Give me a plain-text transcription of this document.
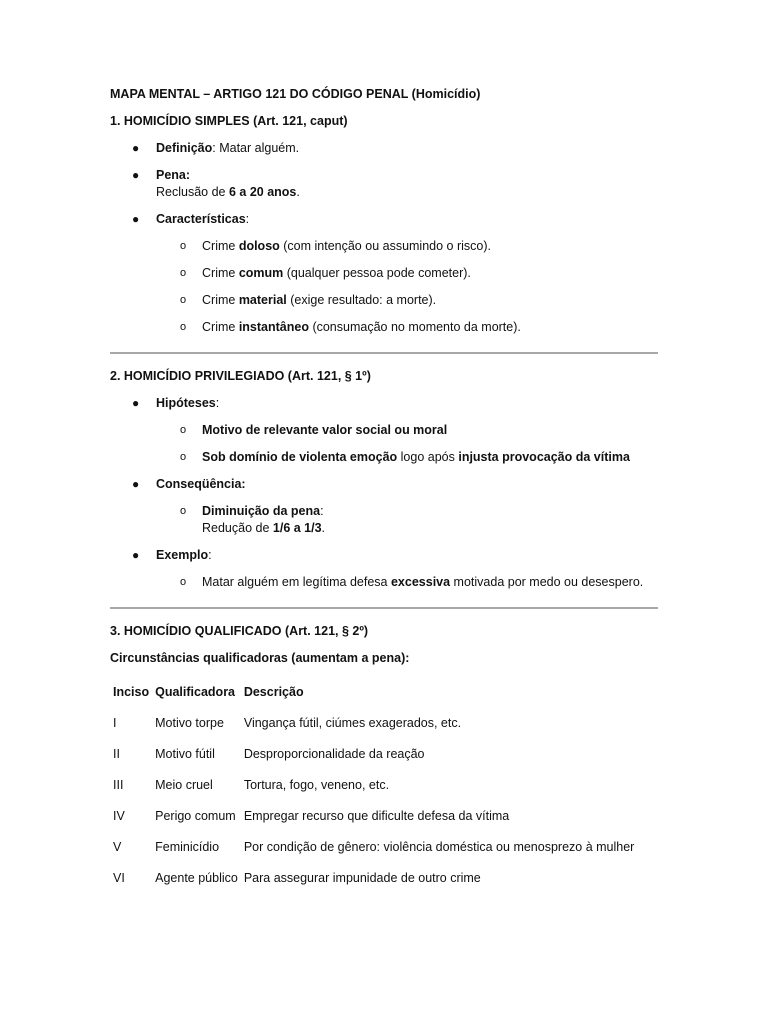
MAPA MENTAL – ARTIGO 121 DO CÓDIGO PENAL (Homicídio)

1. HOMICÍDIO SIMPLES (Art. 121, caput)

● Definição: Matar alguém.

● Pena:

Reclusão de 6 a 20 anos.

● Características:

o Crime doloso (com intenção ou assumindo o risco).

o Crime comum (qualquer pessoa pode cometer).

o Crime material (exige resultado: a morte).

o Crime instantâneo (consumação no momento da morte).

2. HOMICÍDIO PRIVILEGIADO (Art. 121, § 1º)

● Hipóteses:

o Motivo de relevante valor social ou moral

o Sob domínio de violenta emoção logo após injusta provocação da vítima

● Conseqüência:

o Diminuição da pena:

Redução de 1/6 a 1/3.

● Exemplo:

o Matar alguém em legítima defesa excessiva motivada por medo ou desespero.

3. HOMICÍDIO QUALIFICADO (Art. 121, § 2º)

Circunstâncias qualificadoras (aumentam a pena):

Inciso	Qualificadora	Descrição
I	Motivo torpe	Vingança fútil, ciúmes exagerados, etc.
II	Motivo fútil	Desproporcionalidade da reação
III	Meio cruel	Tortura, fogo, veneno, etc.
IV	Perigo comum	Empregar recurso que dificulte defesa da vítima
V	Feminicídio	Por condição de gênero: violência doméstica ou menosprezo à mulher
VI	Agente público	Para assegurar impunidade de outro crime
